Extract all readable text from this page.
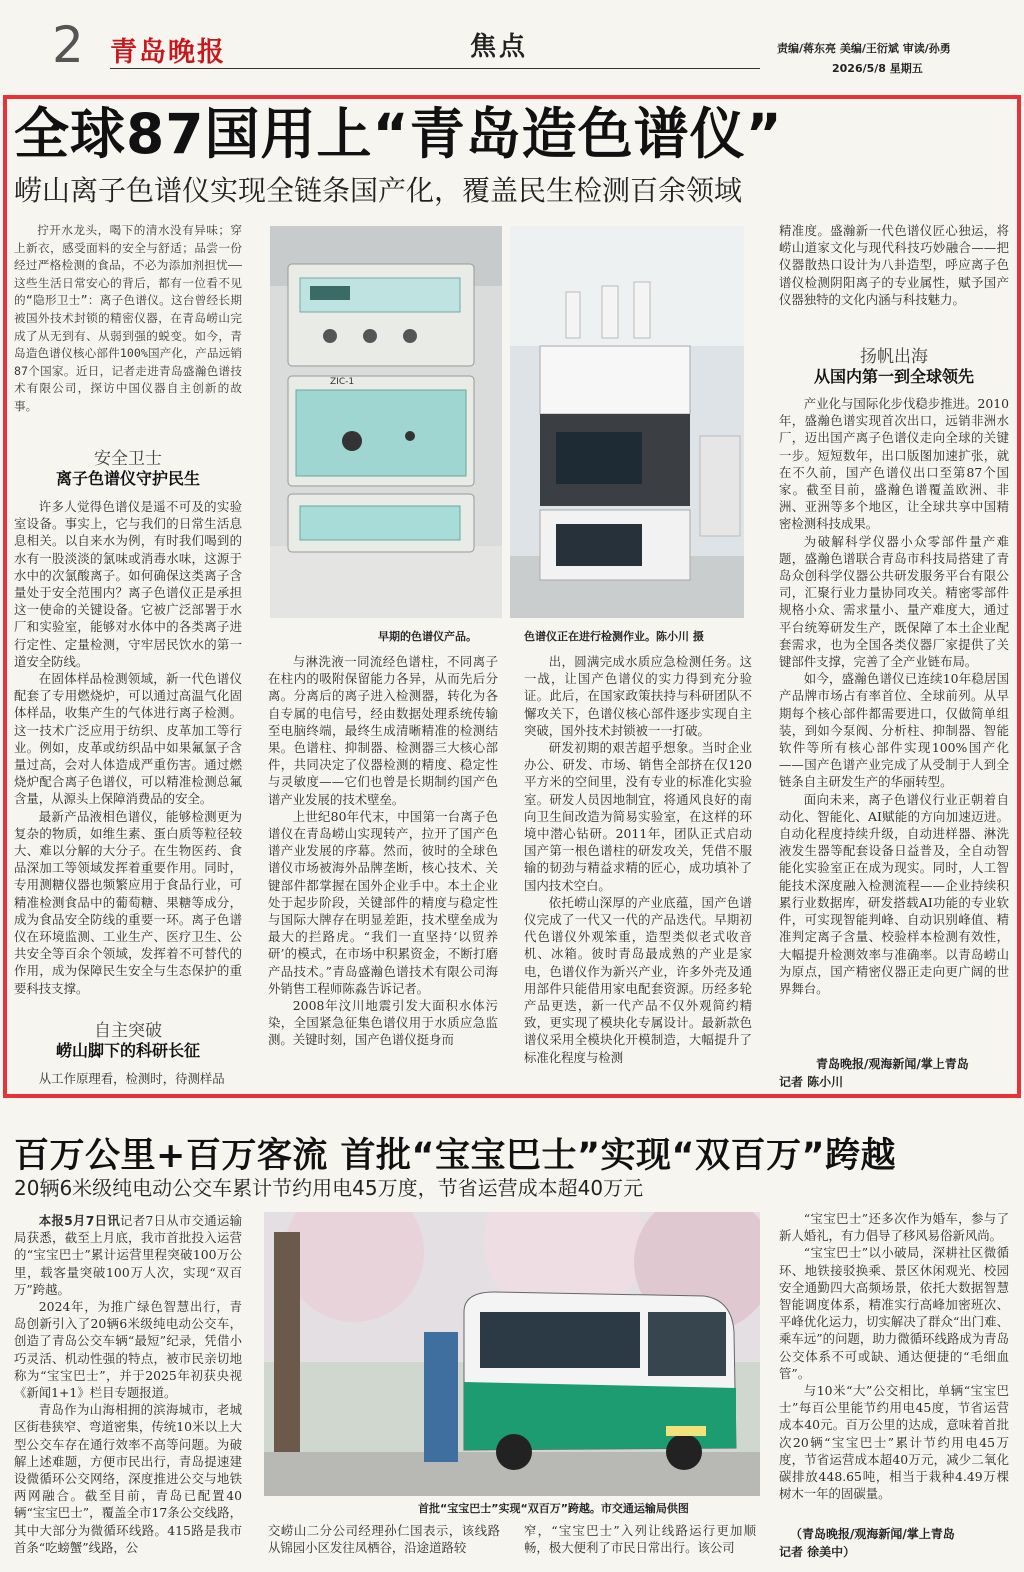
2 青岛晚报	焦点	责编/蒋东亮 美编/王衍斌 审读/孙勇
2026/5/8 星期五
全球87国用上“青岛造色谱仪”
崂山离子色谱仪实现全链条国产化，覆盖民生检测百余领域

拧开水龙头，喝下的清水没有异味；穿上新衣，感受面料的安全与舒适；品尝一份经过严格检测的食品，不必为添加剂担忧——这些生活日常安心的背后，都有一位看不见的“隐形卫士”：离子色谱仪。这台曾经长期被国外技术封锁的精密仪器，在青岛崂山完成了从无到有、从弱到强的蜕变。如今，青岛造色谱仪核心部件100%国产化，产品远销87个国家。近日，记者走进青岛盛瀚色谱技术有限公司，探访中国仪器自主创新的故事。

安全卫士
离子色谱仪守护民生

许多人觉得色谱仪是遥不可及的实验室设备。事实上，它与我们的日常生活息息相关。以自来水为例，有时我们喝到的水有一股淡淡的氯味或消毒水味，这源于水中的次氯酸离子。如何确保这类离子含量处于安全范围内？离子色谱仪正是承担这一使命的关键设备。它被广泛部署于水厂和实验室，能够对水体中的各类离子进行定性、定量检测，守牢居民饮水的第一道安全防线。

在固体样品检测领域，新一代色谱仪配套了专用燃烧炉，可以通过高温气化固体样品，收集产生的气体进行离子检测。这一技术广泛应用于纺织、皮革加工等行业。例如，皮革或纺织品中如果氟氯子含量过高，会对人体造成严重伤害。通过燃烧炉配合离子色谱仪，可以精准检测总氟含量，从源头上保障消费品的安全。

最新产品液相色谱仪，能够检测更为复杂的物质，如维生素、蛋白质等粒径较大、难以分解的大分子。在生物医药、食品深加工等领域发挥着重要作用。同时，专用测糖仪器也频繁应用于食品行业，可精准检测食品中的葡萄糖、果糖等成分，成为食品安全防线的重要一环。离子色谱仪在环境监测、工业生产、医疗卫生、公共安全等百余个领域，发挥着不可替代的作用，成为保障民生安全与生态保护的重要科技支撑。

自主突破
崂山脚下的科研长征

从工作原理看，检测时，待测样品

ZIC-1
早期的色谱仪产品。	色谱仪正在进行检测作业。陈小川 摄

与淋洗液一同流经色谱柱，不同离子在柱内的吸附保留能力各异，从而先后分离。分离后的离子进入检测器，转化为各自专属的电信号，经由数据处理系统传输至电脑终端，最终生成清晰精准的检测结果。色谱柱、抑制器、检测器三大核心部件，共同决定了仪器检测的精度、稳定性与灵敏度——它们也曾是长期制约国产色谱产业发展的技术壁垒。

上世纪80年代末，中国第一台离子色谱仪在青岛崂山实现转产，拉开了国产色谱产业发展的序幕。然而，彼时的全球色谱仪市场被海外品牌垄断，核心技术、关键部件都掌握在国外企业手中。本土企业处于起步阶段，关键部件的精度与稳定性与国际大牌存在明显差距，技术壁垒成为最大的拦路虎。“我们一直坚持‘以贸养研’的模式，在市场中积累资金，不断打磨产品技术。”青岛盛瀚色谱技术有限公司海外销售工程师陈淼告诉记者。

2008年汶川地震引发大面积水体污染，全国紧急征集色谱仪用于水质应急监测。关键时刻，国产色谱仪挺身而

出，圆满完成水质应急检测任务。这一战，让国产色谱仪的实力得到充分验证。此后，在国家政策扶持与科研团队不懈攻关下，色谱仪核心部件逐步实现自主突破，国外技术封锁被一一打破。

研发初期的艰苦超乎想象。当时企业办公、研发、市场、销售全部挤在仅120平方米的空间里，没有专业的标准化实验室。研发人员因地制宜，将通风良好的南向卫生间改造为简易实验室，在这样的环境中潜心钻研。2011年，团队正式启动国产第一根色谱柱的研发攻关，凭借不服输的韧劲与精益求精的匠心，成功填补了国内技术空白。

依托崂山深厚的产业底蕴，国产色谱仪完成了一代又一代的产品迭代。早期初代色谱仪外观笨重，造型类似老式收音机、冰箱。彼时青岛最成熟的产业是家电，色谱仪作为新兴产业，许多外壳及通用部件只能借用家电配套资源。历经多轮产品更迭，新一代产品不仅外观简约精致，更实现了模块化专属设计。最新款色谱仪采用全模块化开模制造，大幅提升了标准化程度与检测

精准度。盛瀚新一代色谱仪匠心独运，将崂山道家文化与现代科技巧妙融合——把仪器散热口设计为八卦造型，呼应离子色谱仪检测阴阳离子的专业属性，赋予国产仪器独特的文化内涵与科技魅力。

扬帆出海
从国内第一到全球领先

产业化与国际化步伐稳步推进。2010年，盛瀚色谱实现首次出口，远销非洲水厂，迈出国产离子色谱仪走向全球的关键一步。短短数年，出口版图加速扩张，就在不久前，国产色谱仪出口至第87个国家。截至目前，盛瀚色谱覆盖欧洲、非洲、亚洲等多个地区，让全球共享中国精密检测科技成果。

为破解科学仪器小众零部件量产难题，盛瀚色谱联合青岛市科技局搭建了青岛众创科学仪器公共研发服务平台有限公司，汇聚行业力量协同攻关。精密零部件规格小众、需求量小、量产难度大，通过平台统筹研发生产，既保障了本土企业配套需求，也为全国各类仪器厂家提供了关键部件支撑，完善了全产业链布局。

如今，盛瀚色谱仪已连续10年稳居国产品牌市场占有率首位、全球前列。从早期每个核心部件都需要进口，仅做简单组装，到如今泵阀、分析柱、抑制器、智能软件等所有核心部件实现100%国产化——国产色谱产业完成了从受制于人到全链条自主研发生产的华丽转型。

面向未来，离子色谱仪行业正朝着自动化、智能化、AI赋能的方向加速迈进。自动化程度持续升级，自动进样器、淋洗液发生器等配套设备日益普及，全自动智能化实验室正在成为现实。同时，人工智能技术深度融入检测流程——企业持续积累行业数据库，研发搭载AI功能的专业软件，可实现智能判峰、自动识别峰值、精准判定离子含量、校验样本检测有效性，大幅提升检测效率与准确率。以青岛崂山为原点，国产精密仪器正走向更广阔的世界舞台。

青岛晚报/观海新闻/掌上青岛
记者 陈小川
百万公里+百万客流 首批“宝宝巴士”实现“双百万”跨越
20辆6米级纯电动公交车累计节约用电45万度，节省运营成本超40万元

本报5月7日讯记者7日从市交通运输局获悉，截至上月底，我市首批投入运营的“宝宝巴士”累计运营里程突破100万公里，载客量突破100万人次，实现“双百万”跨越。

2024年，为推广绿色智慧出行，青岛创新引入了20辆6米级纯电动公交车，创造了青岛公交车辆“最短”纪录，凭借小巧灵活、机动性强的特点，被市民亲切地称为“宝宝巴士”，并于2025年初获央视《新闻1+1》栏目专题报道。

青岛作为山海相拥的滨海城市，老城区街巷狭窄、弯道密集，传统10米以上大型公交车存在通行效率不高等问题。为破解上述难题，方便市民出行，青岛提速建设微循环公交网络，深度推进公交与地铁两网融合。截至目前，青岛已配置40辆“宝宝巴士”，覆盖全市17条公交线路，其中大部分为微循环线路。415路是我市首条“吃螃蟹”线路，公

首批“宝宝巴士”实现“双百万”跨越。市交通运输局供图

交崂山二分公司经理孙仁国表示，该线路从锦园小区发往凤栖谷，沿途道路较

窄，“宝宝巴士”入列让线路运行更加顺畅，极大便利了市民日常出行。该公司

“宝宝巴士”还多次作为婚车，参与了新人婚礼，有力倡导了移风易俗新风尚。

“宝宝巴士”以小破局，深耕社区微循环、地铁接驳换乘、景区休闲观光、校园安全通勤四大高频场景，依托大数据智慧智能调度体系，精准实行高峰加密班次、平峰优化运力，切实解决了群众“出门难、乘车远”的问题，助力微循环线路成为青岛公交体系不可或缺、通达便捷的“毛细血管”。

与10米“大”公交相比，单辆“宝宝巴士”每百公里能节约用电45度，节省运营成本40元。百万公里的达成，意味着首批次20辆“宝宝巴士”累计节约用电45万度，节省运营成本超40万元，减少二氧化碳排放448.65吨，相当于栽种4.49万棵树木一年的固碳量。

（青岛晚报/观海新闻/掌上青岛
记者 徐美中）
